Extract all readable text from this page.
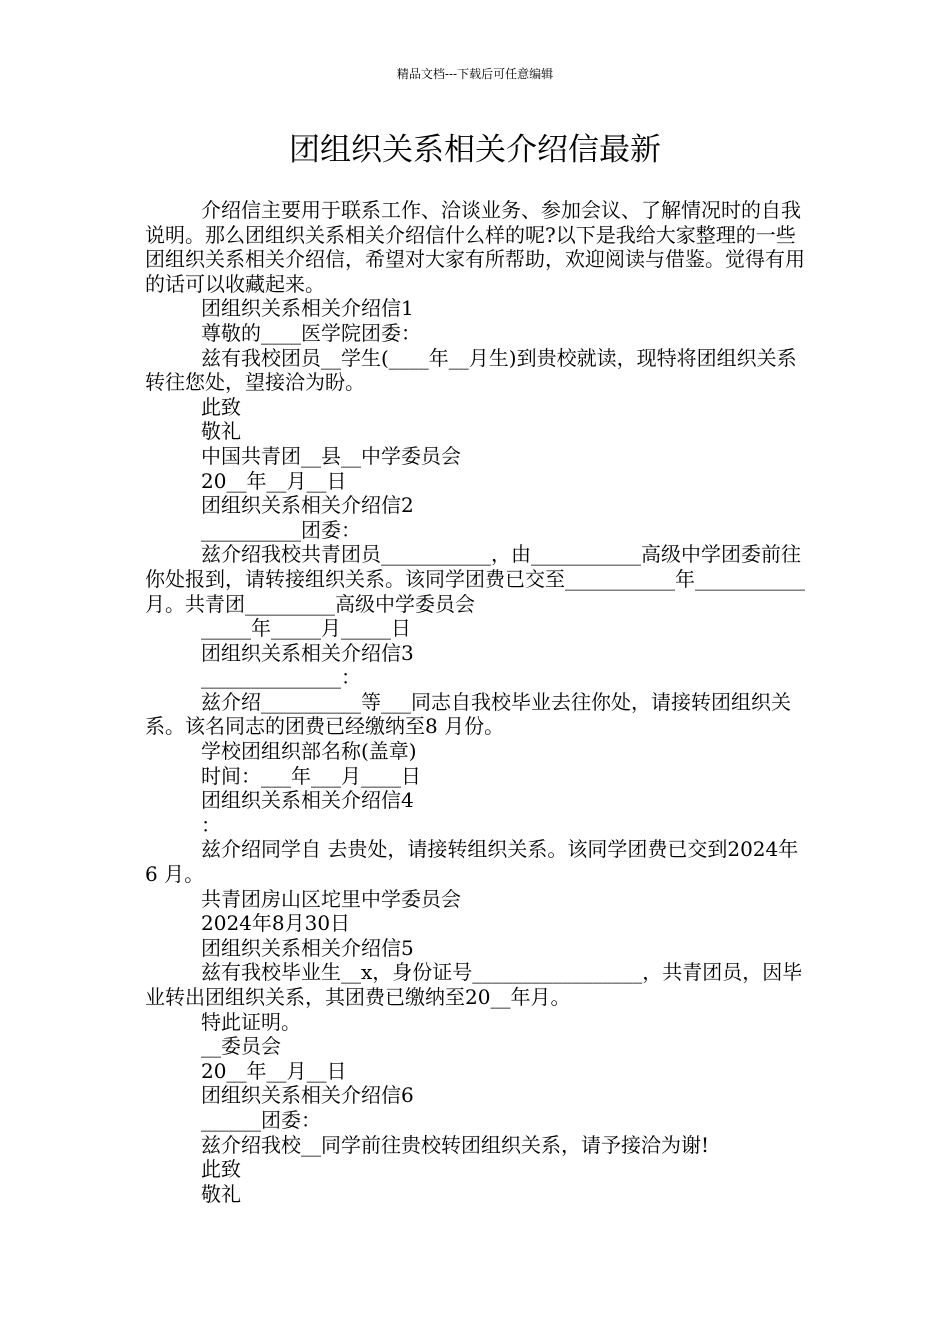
精品文档---下载后可任意编辑
团组织关系相关介绍信最新

介绍信主要用于联系工作、洽谈业务、参加会议、了解情况时的自我说明。那么团组织关系相关介绍信什么样的呢?以下是我给大家整理的一些团组织关系相关介绍信，希望对大家有所帮助，欢迎阅读与借鉴。觉得有用的话可以收藏起来。

团组织关系相关介绍信1

尊敬的____医学院团委：

兹有我校团员__学生(____年__月生)到贵校就读，现特将团组织关系转往您处，望接洽为盼。

此致

敬礼

中国共青团__县__中学委员会

20__年__月__日

团组织关系相关介绍信2

__________团委：

兹介绍我校共青团员___________，由___________高级中学团委前往你处报到，请转接组织关系。该同学团费已交至___________年___________月。共青团_________高级中学委员会

_____年_____月_____日

团组织关系相关介绍信3

______________：

兹介绍__________等___同志自我校毕业去往你处，请接转团组织关系。该名同志的团费已经缴纳至8 月份。

学校团组织部名称(盖章)

时间：___年___月____日

团组织关系相关介绍信4

：

兹介绍同学自 去贵处，请接转组织关系。该同学团费已交到2024年 6 月。

共青团房山区坨里中学委员会

2024年8月30日

团组织关系相关介绍信5

兹有我校毕业生__x，身份证号_________________，共青团员，因毕业转出团组织关系，其团费已缴纳至20__年月。

特此证明。

__委员会

20__年__月__日

团组织关系相关介绍信6

______团委：

兹介绍我校__同学前往贵校转团组织关系，请予接洽为谢!

此致

敬礼
